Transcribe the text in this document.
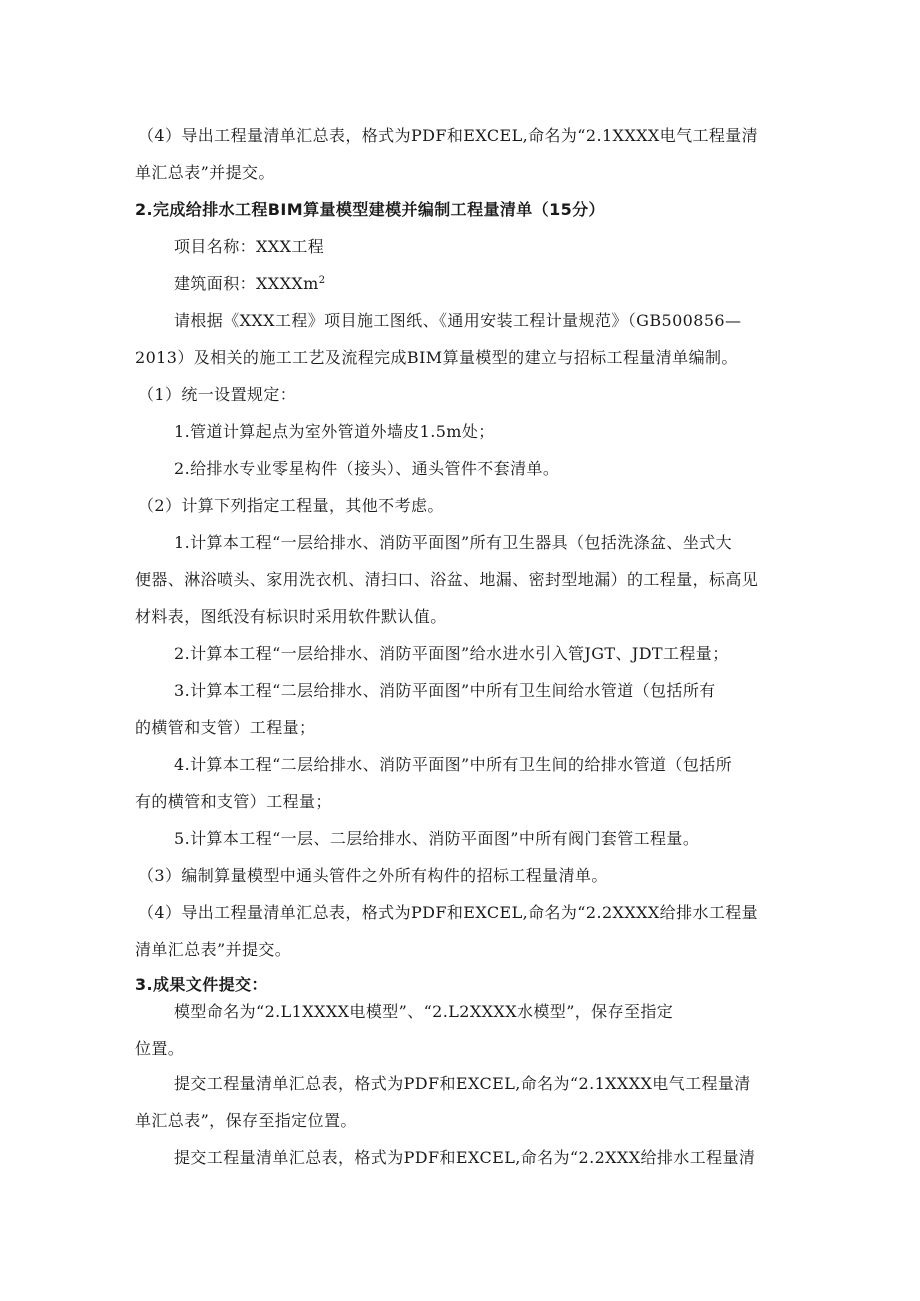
（4）导出工程量清单汇总表，格式为PDF和EXCEL,命名为“2.1XXXX电气工程量清
单汇总表”并提交。
2.完成给排水工程BIM算量模型建模并编制工程量清单（15分）
项目名称：XXX工程
建筑面积：XXXXm$^2$
请根据《XXX工程》项目施工图纸、《通用安装工程计量规范》（GB500856—
2013）及相关的施工工艺及流程完成BIM算量模型的建立与招标工程量清单编制。
（1）统一设置规定：
1.管道计算起点为室外管道外墙皮1.5m处；
2.给排水专业零星构件（接头）、通头管件不套清单。
（2）计算下列指定工程量，其他不考虑。
1.计算本工程“一层给排水、消防平面图”所有卫生器具（包括洗涤盆、坐式大
便器、淋浴喷头、家用洗衣机、清扫口、浴盆、地漏、密封型地漏）的工程量，标高见
材料表，图纸没有标识时采用软件默认值。
2.计算本工程“一层给排水、消防平面图”给水进水引入管JGT、JDT工程量；
3.计算本工程“二层给排水、消防平面图”中所有卫生间给水管道（包括所有
的横管和支管）工程量；
4.计算本工程“二层给排水、消防平面图”中所有卫生间的给排水管道（包括所
有的横管和支管）工程量；
5.计算本工程“一层、二层给排水、消防平面图”中所有阀门套管工程量。
（3）编制算量模型中通头管件之外所有构件的招标工程量清单。
（4）导出工程量清单汇总表，格式为PDF和EXCEL,命名为“2.2XXXX给排水工程量
清单汇总表”并提交。
3.成果文件提交：
模型命名为“2.L1XXXX电模型”、“2.L2XXXX水模型”，保存至指定
位置。
提交工程量清单汇总表，格式为PDF和EXCEL,命名为“2.1XXXX电气工程量清
单汇总表”，保存至指定位置。
提交工程量清单汇总表，格式为PDF和EXCEL,命名为“2.2XXX给排水工程量清
